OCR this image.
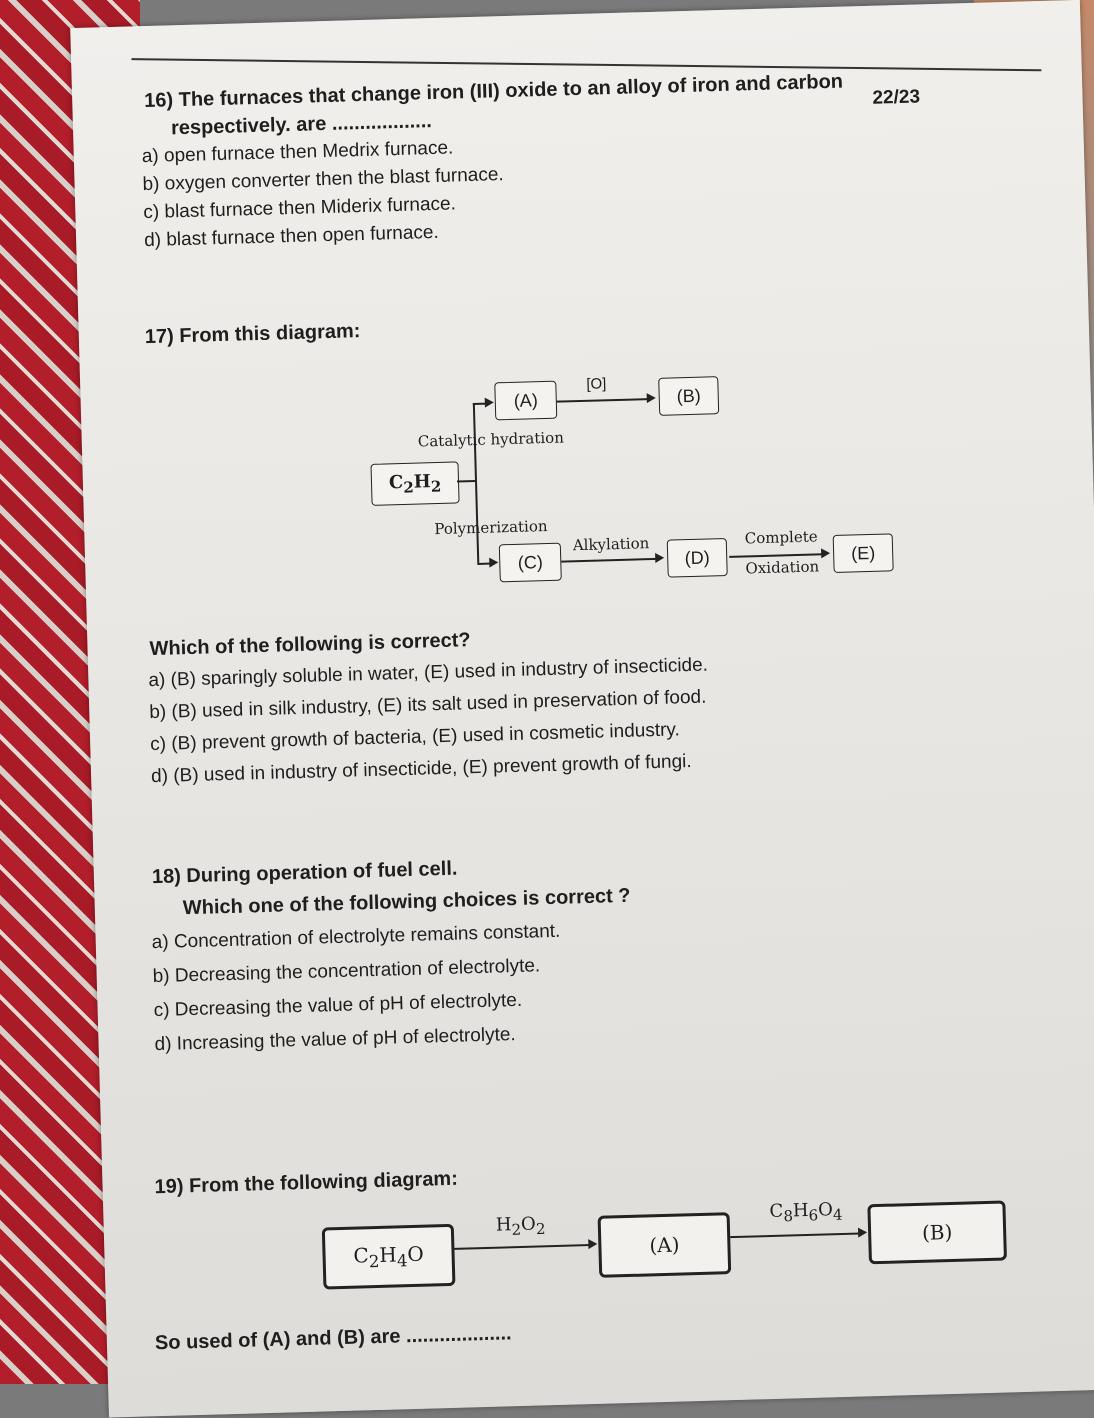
22/23
16) The furnaces that change iron (III) oxide to an alloy of iron and carbon
respectively. are ..................
a) open furnace then Medrix furnace.
b) oxygen converter then the blast furnace.
c) blast furnace then Miderix furnace.
d) blast furnace then open furnace.
17) From this diagram:
$C_2H_2$
Catalytic hydration
Polymerization
(A)
[O]
(B)
(C)
Alkylation
(D)
Complete
Oxidation
(E)
Which of the following is correct?
a) (B) sparingly soluble in water, (E) used in industry of insecticide.
b) (B) used in silk industry, (E) its salt used in preservation of food.
c) (B) prevent growth of bacteria, (E) used in cosmetic industry.
d) (B) used in industry of insecticide, (E) prevent growth of fungi.
18) During operation of fuel cell.
Which one of the following choices is correct ?
a) Concentration of electrolyte remains constant.
b) Decreasing the concentration of electrolyte.
c) Decreasing the value of pH of electrolyte.
d) Increasing the value of pH of electrolyte.
19) From the following diagram:
$C_2H_4O$
$H_2O_2$
(A)
$C_8H_6O_4$
(B)
So used of (A) and (B) are ...................
